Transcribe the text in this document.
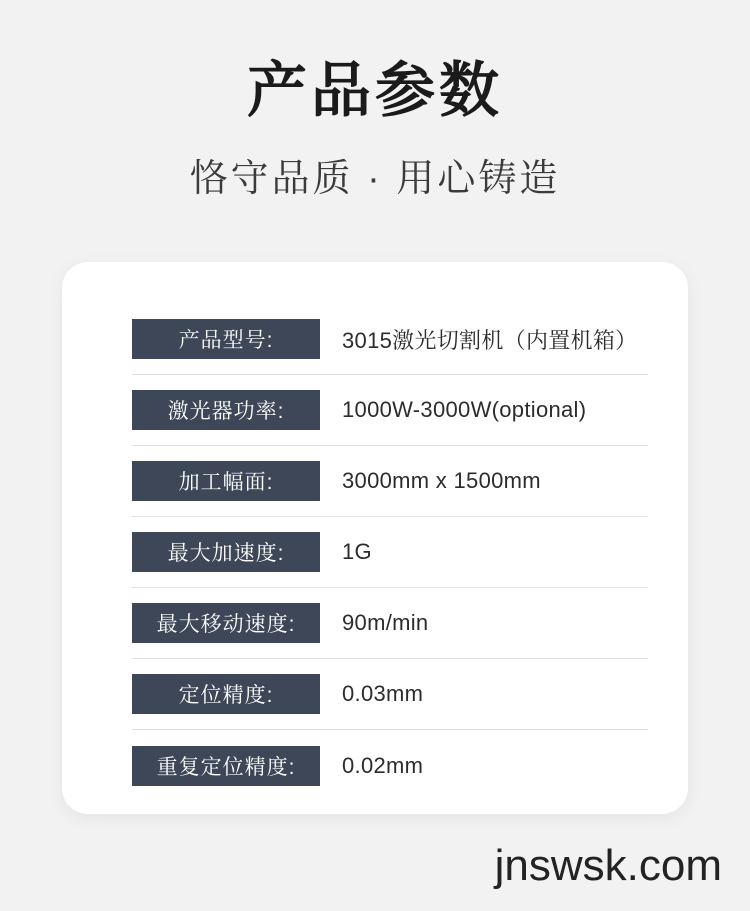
产品参数
恪守品质 · 用心铸造
产品型号:	3015激光切割机（内置机箱）
激光器功率:	1000W-3000W(optional)
加工幅面:	3000mm x 1500mm
最大加速度:	1G
最大移动速度:	90m/min
定位精度:	0.03mm
重复定位精度:	0.02mm
jnswsk.com
